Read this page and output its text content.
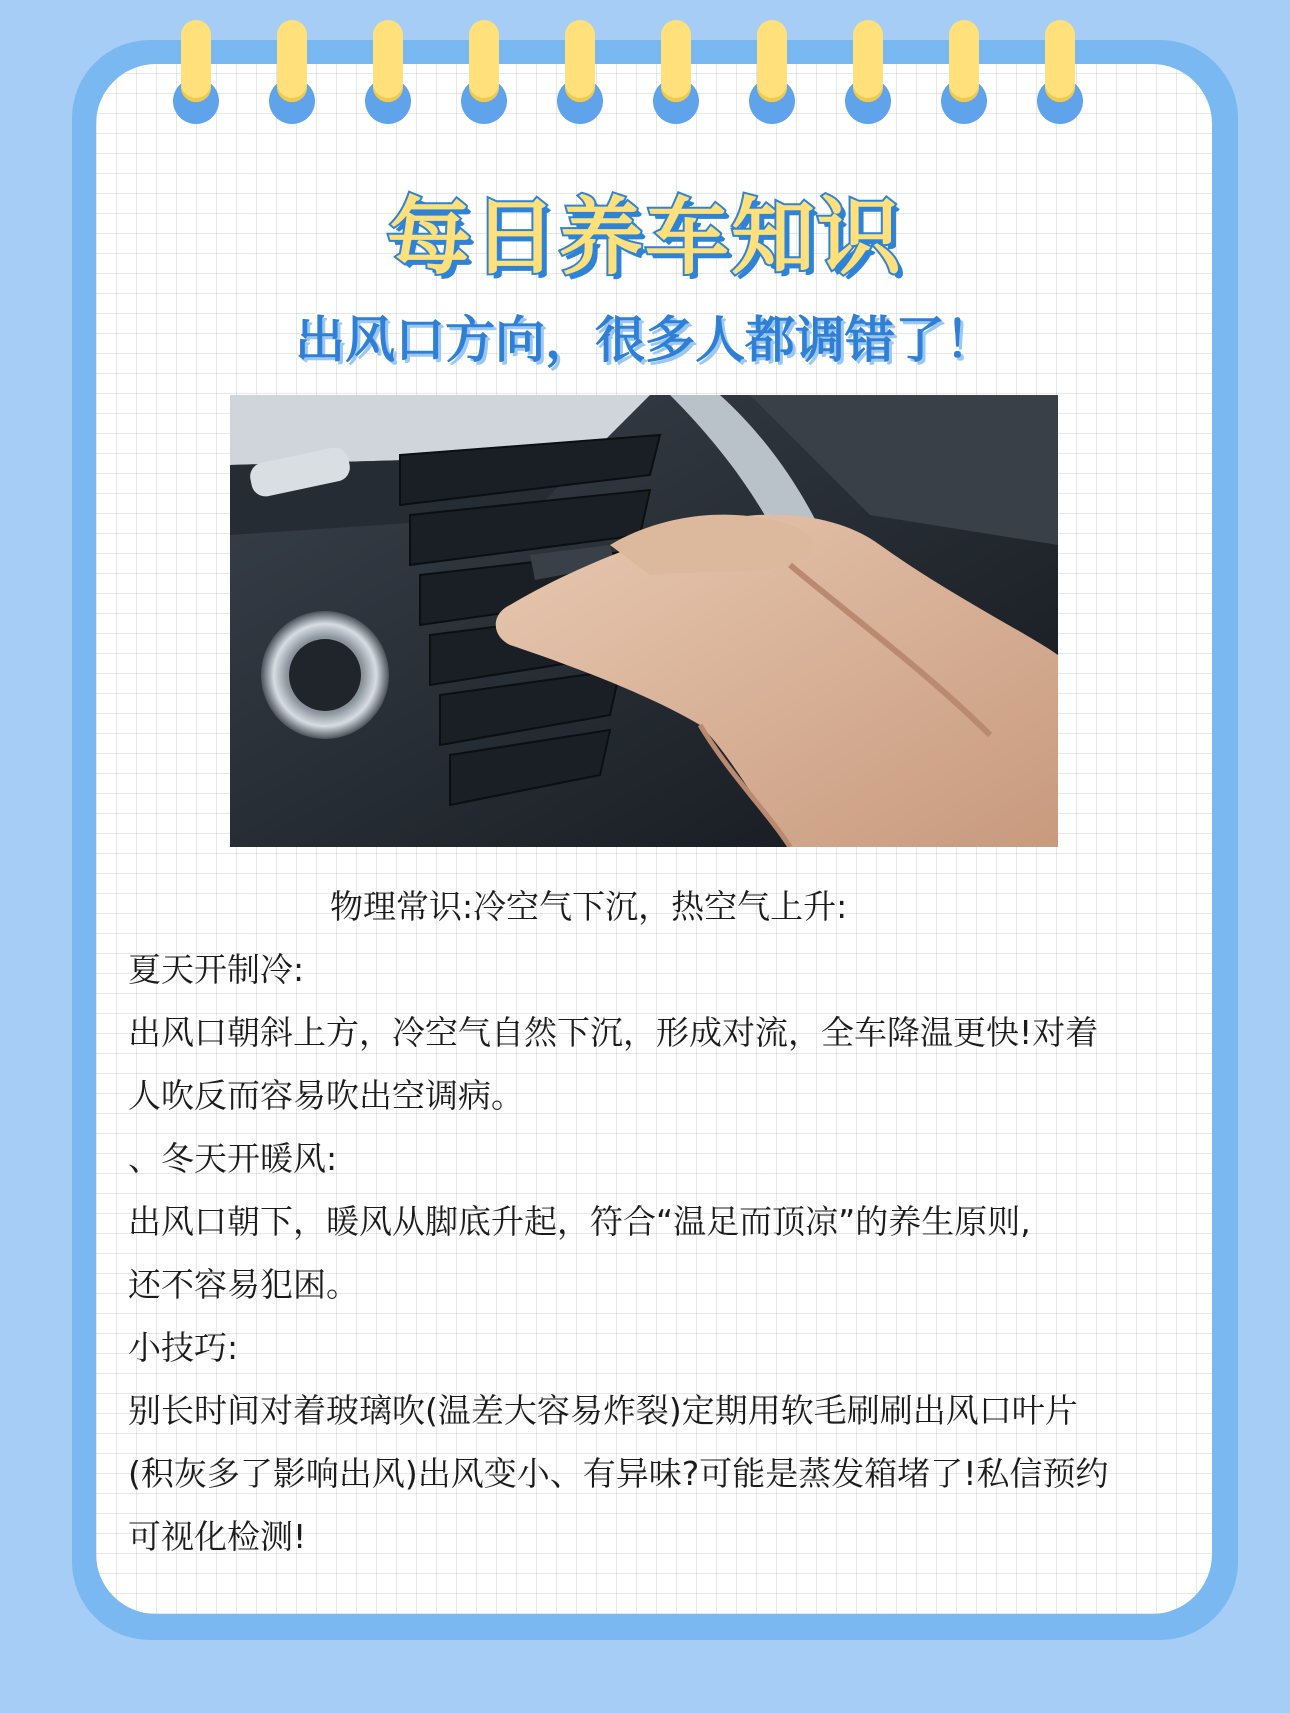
每日养车知识
出风口方向，很多人都调错了！

物理常识:冷空气下沉，热空气上升:

夏天开制冷:

出风口朝斜上方，冷空气自然下沉，形成对流，全车降温更快!对着

人吹反而容易吹出空调病。

、冬天开暖风:

出风口朝下，暖风从脚底升起，符合“温足而顶凉”的养生原则,

还不容易犯困。

小技巧:

别长时间对着玻璃吹(温差大容易炸裂)定期用软毛刷刷出风口叶片

(积灰多了影响出风)出风变小、有异味?可能是蒸发箱堵了!私信预约

可视化检测!
